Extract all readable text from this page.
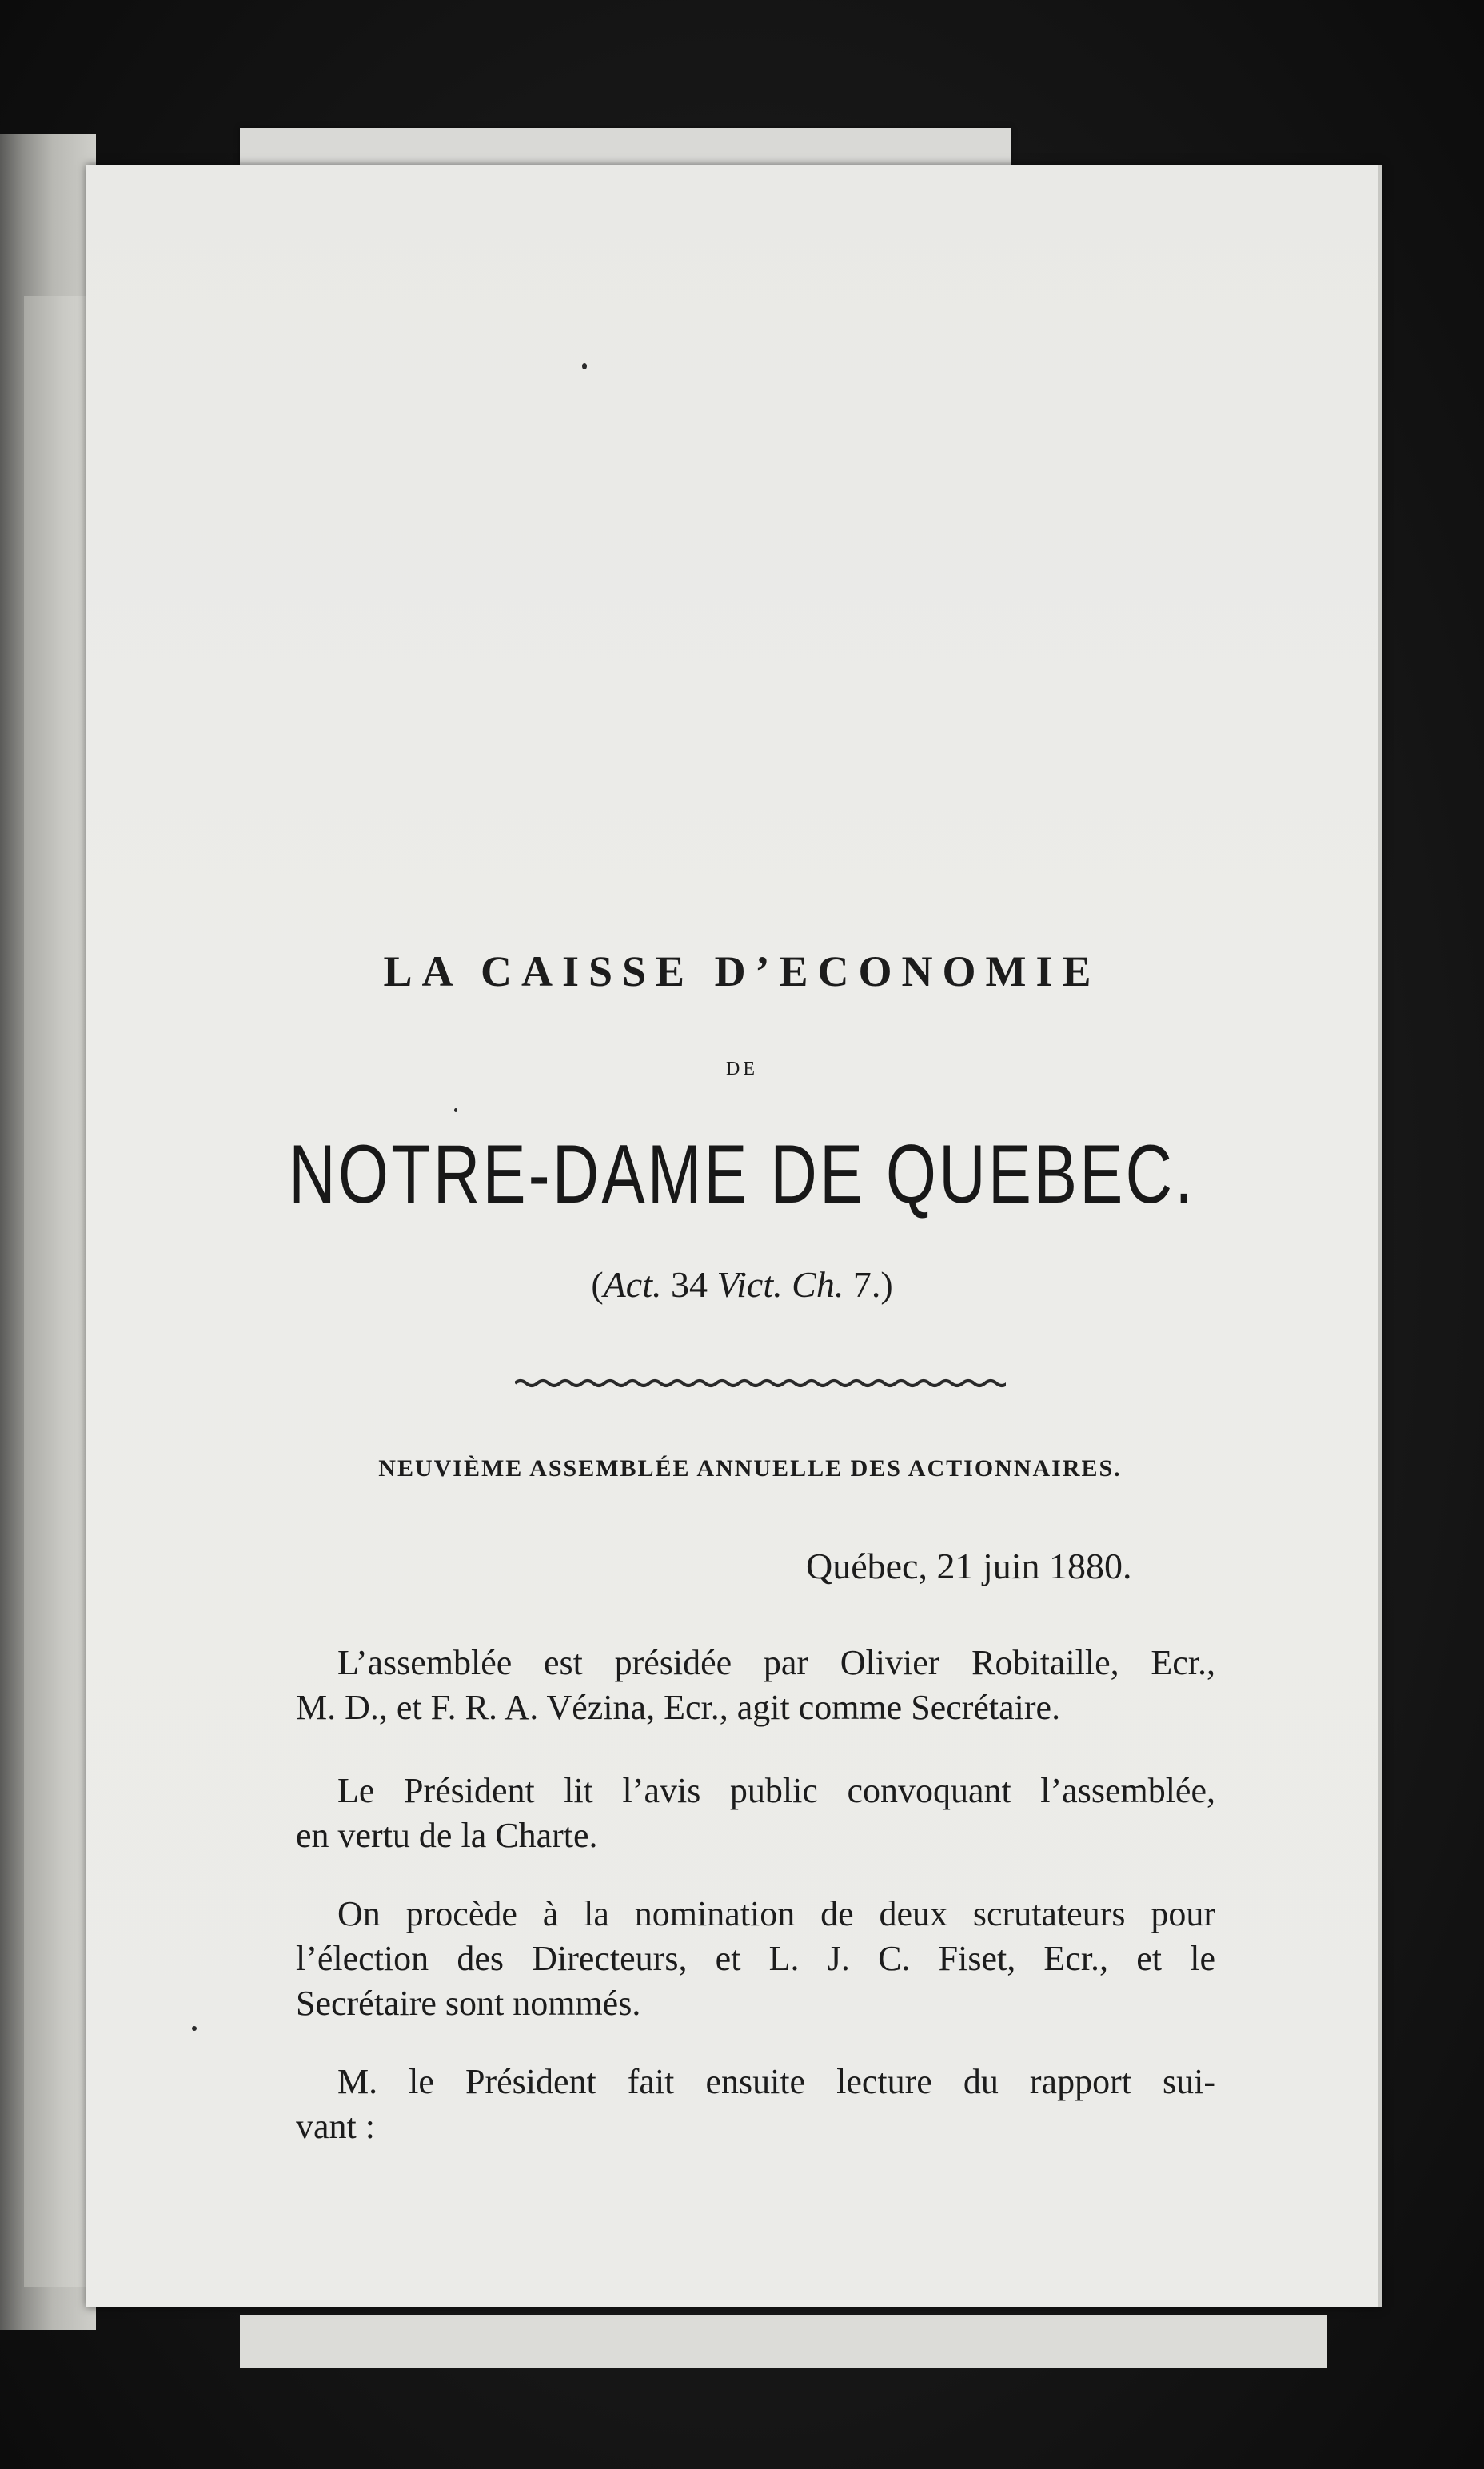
LA CAISSE D’ECONOMIE

DE

NOTRE-DAME DE QUEBEC.

(Act. 34 Vict. Ch. 7.)

NEUVIÈME ASSEMBLÉE ANNUELLE DES ACTIONNAIRES.

Québec, 21 juin 1880.

L’assemblée est présidée par Olivier Robitaille, Ecr.,
M. D., et F. R. A. Vézina, Ecr., agit comme Secrétaire.
Le Président lit l’avis public convoquant l’assemblée,
en vertu de la Charte.
On procède à la nomination de deux scrutateurs pour
l’élection des Directeurs, et L. J. C. Fiset, Ecr., et le
Secrétaire sont nommés.
M. le Président fait ensuite lecture du rapport sui-
vant :
